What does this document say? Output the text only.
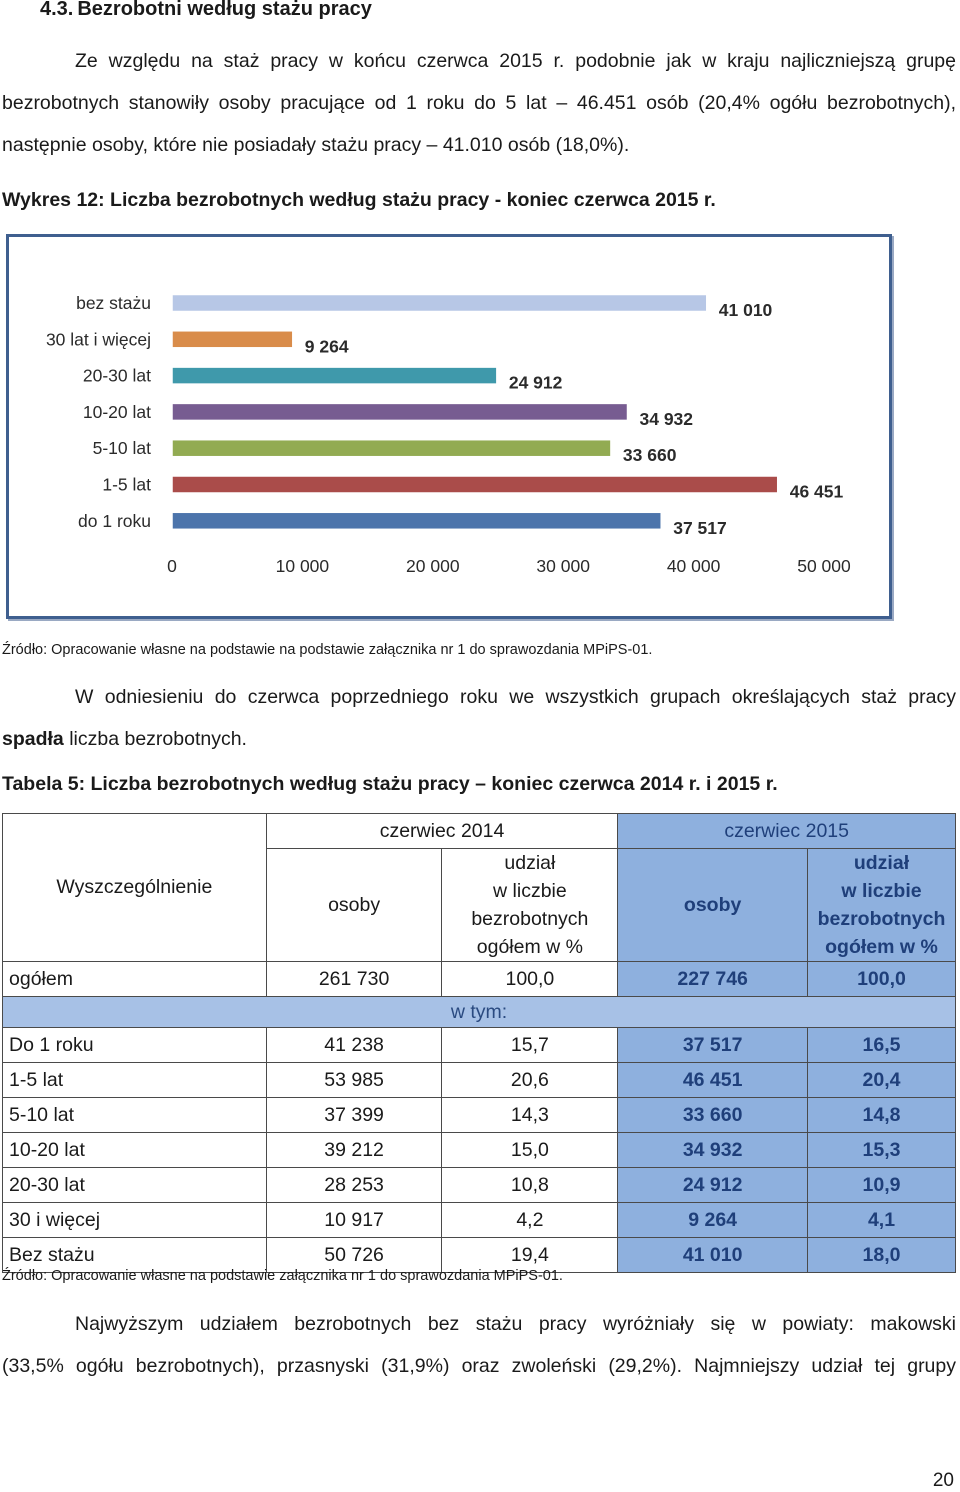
4.3. Bezrobotni według stażu pracy
Ze względu na staż pracy w końcu czerwca 2015 r. podobnie jak w kraju najliczniejszą grupę
bezrobotnych stanowiły osoby pracujące od 1 roku do 5 lat – 46.451 osób (20,4% ogółu bezrobotnych),
następnie osoby, które nie posiadały stażu pracy – 41.010 osób (18,0%).
Wykres 12: Liczba bezrobotnych według stażu pracy - koniec czerwca 2015 r.
bez stażu	41 010
30 lat i więcej	9 264
20-30 lat	24 912
10-20 lat	34 932
5-10 lat	33 660
1-5 lat	46 451
do 1 roku	37 517
0	10 000	20 000	30 000	40 000	50 000
Źródło: Opracowanie własne na podstawie na podstawie załącznika nr 1 do sprawozdania MPiPS-01.
W odniesieniu do czerwca poprzedniego roku we wszystkich grupach określających staż pracy
spadła liczba bezrobotnych.
Tabela 5: Liczba bezrobotnych według stażu pracy – koniec czerwca 2014 r. i 2015 r.
Wyszczególnienie	czerwiec 2014		czerwiec 2015	
	osoby	udział
w liczbie
bezrobotnych
ogółem w %	osoby	udział
w liczbie
bezrobotnych
ogółem w %
ogółem	261 730	100,0	227 746	100,0
w tym:				
Do 1 roku	41 238	15,7	37 517	16,5
1-5 lat	53 985	20,6	46 451	20,4
5-10 lat	37 399	14,3	33 660	14,8
10-20 lat	39 212	15,0	34 932	15,3
20-30 lat	28 253	10,8	24 912	10,9
30 i więcej	10 917	4,2	9 264	4,1
Bez stażu	50 726	19,4	41 010	18,0
Źródło: Opracowanie własne na podstawie załącznika nr 1 do sprawozdania MPiPS-01.
Najwyższym udziałem bezrobotnych bez stażu pracy wyróżniały się w powiaty: makowski
(33,5% ogółu bezrobotnych), przasnyski (31,9%) oraz zwoleński (29,2%). Najmniejszy udział tej grupy
20
